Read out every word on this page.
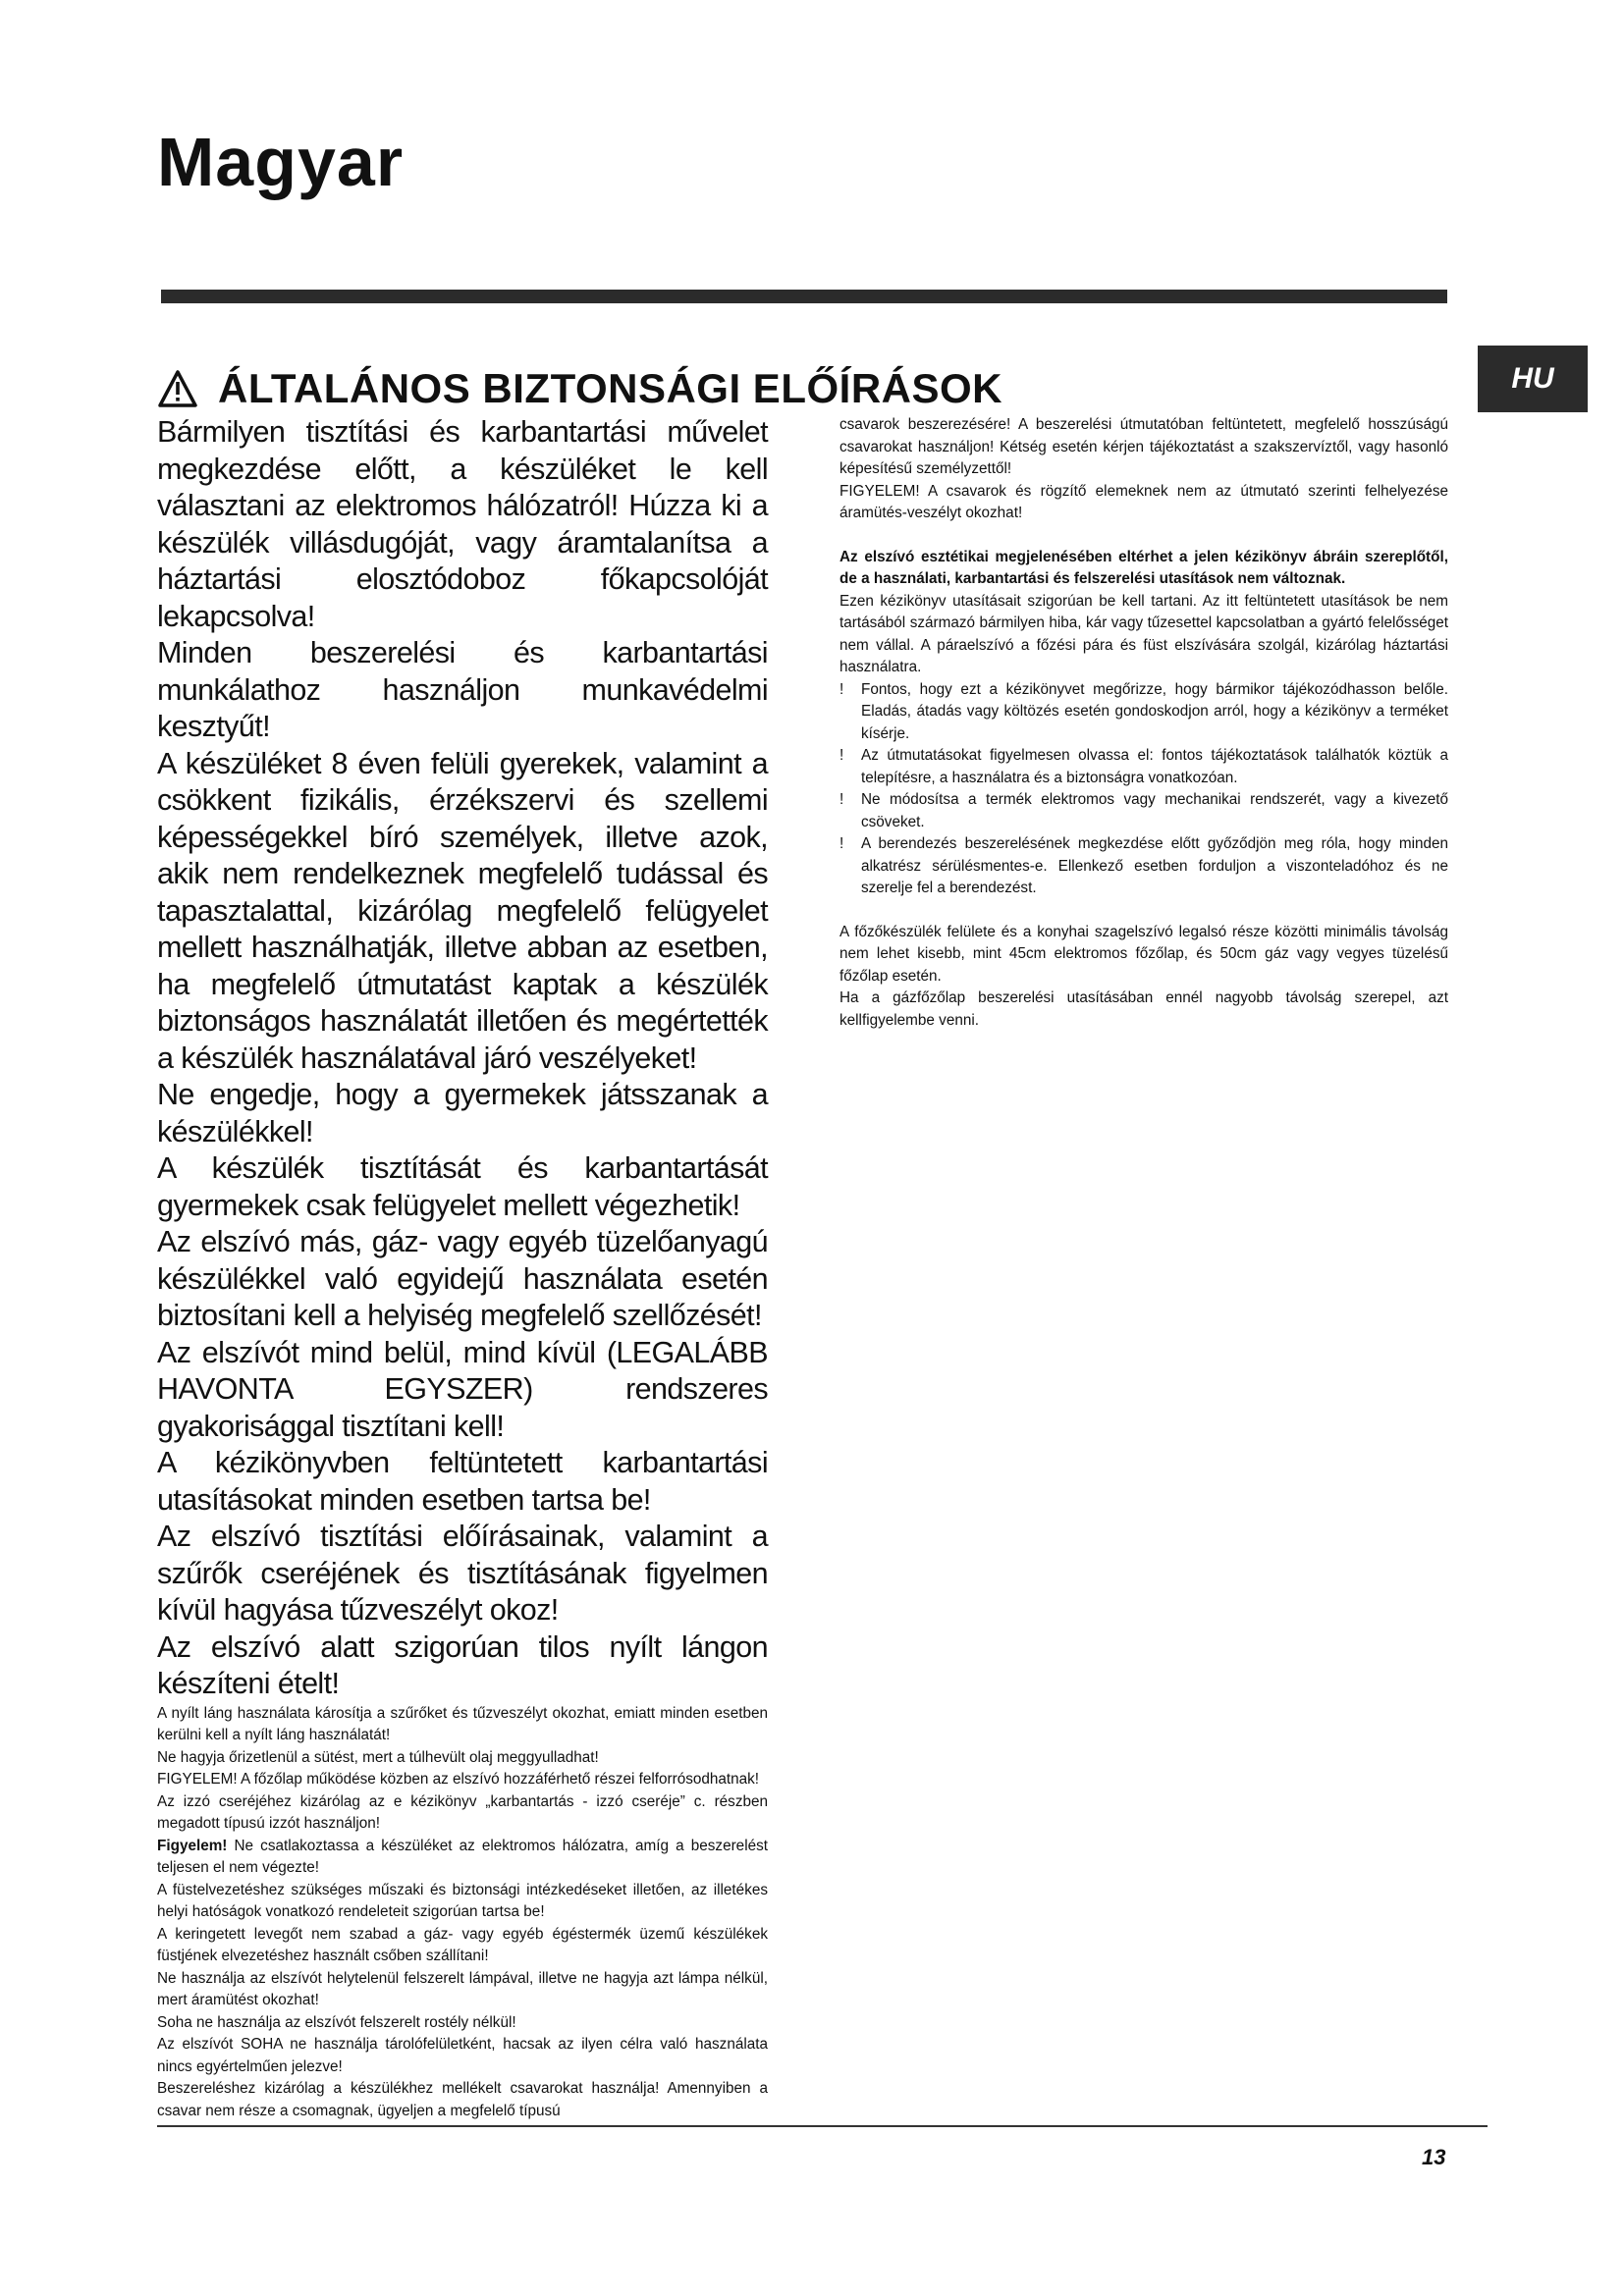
Magyar
HU
ÁLTALÁNOS BIZTONSÁGI ELŐÍRÁSOK

Bármilyen tisztítási és karbantartási művelet megkezdése előtt, a készüléket le kell választani az elektromos hálózatról! Húzza ki a készülék villásdugóját, vagy áramtalanítsa a háztartási elosztódoboz főkapcsolóját lekapcsolva!

Minden beszerelési és karbantartási munkálathoz használjon munkavédelmi kesztyűt!

A készüléket 8 éven felüli gyerekek, valamint a csökkent fizikális, érzékszervi és szellemi képességekkel bíró személyek, illetve azok, akik nem rendelkeznek megfelelő tudással és tapasztalattal, kizárólag megfelelő felügyelet mellett használhatják, illetve abban az esetben, ha megfelelő útmutatást kaptak a készülék biztonságos használatát illetően és megértették a készülék használatával járó veszélyeket!

Ne engedje, hogy a gyermekek játsszanak a készülékkel!

A készülék tisztítását és karbantartását gyermekek csak felügyelet mellett végezhetik!

Az elszívó más, gáz- vagy egyéb tüzelőanyagú készülékkel való egyidejű használata esetén biztosítani kell a helyiség megfelelő szellőzését!

Az elszívót mind belül, mind kívül (LEGALÁBB HAVONTA EGYSZER) rendszeres gyakorisággal tisztítani kell!

A kézikönyvben feltüntetett karbantartási utasításokat minden esetben tartsa be!

Az elszívó tisztítási előírásainak, valamint a szűrők cseréjének és tisztításának figyelmen kívül hagyása tűzveszélyt okoz!

Az elszívó alatt szigorúan tilos nyílt lángon készíteni ételt!

A nyílt láng használata károsítja a szűrőket és tűzveszélyt okozhat, emiatt minden esetben kerülni kell a nyílt láng használatát!

Ne hagyja őrizetlenül a sütést, mert a túlhevült olaj meggyulladhat!

FIGYELEM! A főzőlap működése közben az elszívó hozzáférhető részei felforrósodhatnak!

Az izzó cseréjéhez kizárólag az e kézikönyv „karbantartás - izzó cseréje” c. részben megadott típusú izzót használjon!

Figyelem! Ne csatlakoztassa a készüléket az elektromos hálózatra, amíg a beszerelést teljesen el nem végezte!

A füstelvezetéshez szükséges műszaki és biztonsági intézkedéseket illetően, az illetékes helyi hatóságok vonatkozó rendeleteit szigorúan tartsa be!

A keringetett levegőt nem szabad a gáz- vagy egyéb égéstermék üzemű készülékek füstjének elvezetéshez használt csőben szállítani!

Ne használja az elszívót helytelenül felszerelt lámpával, illetve ne hagyja azt lámpa nélkül, mert áramütést okozhat!

Soha ne használja az elszívót felszerelt rostély nélkül!

Az elszívót SOHA ne használja tárolófelületként, hacsak az ilyen célra való használata nincs egyértelműen jelezve!

Beszereléshez kizárólag a készülékhez mellékelt csavarokat használja! Amennyiben a csavar nem része a csomagnak, ügyeljen a megfelelő típusú

csavarok beszerezésére! A beszerelési útmutatóban feltüntetett, megfelelő hosszúságú csavarokat használjon! Kétség esetén kérjen tájékoztatást a szakszervíztől, vagy hasonló képesítésű személyzettől!

FIGYELEM! A csavarok és rögzítő elemeknek nem az útmutató szerinti felhelyezése áramütés-veszélyt okozhat!

Az elszívó esztétikai megjelenésében eltérhet a jelen kézikönyv ábráin szereplőtől, de a használati, karbantartási és felszerelési utasítások nem változnak.

Ezen kézikönyv utasításait szigorúan be kell tartani. Az itt feltüntetett utasítások be nem tartásából származó bármilyen hiba, kár vagy tűzesettel kapcsolatban a gyártó felelősséget nem vállal. A páraelszívó a főzési pára és füst elszívására szolgál, kizárólag háztartási használatra.

!	Fontos, hogy ezt a kézikönyvet megőrizze, hogy bármikor tájékozódhasson belőle. Eladás, átadás vagy költözés esetén gondoskodjon arról, hogy a kézikönyv a terméket kísérje.
!	Az útmutatásokat figyelmesen olvassa el: fontos tájékoztatások találhatók köztük a telepítésre, a használatra és a biztonságra vonatkozóan.
!	Ne módosítsa a termék elektromos vagy mechanikai rendszerét, vagy a kivezető csöveket.
!	A berendezés beszerelésének megkezdése előtt győződjön meg róla, hogy minden alkatrész sérülésmentes-e. Ellenkező esetben forduljon a viszonteladóhoz és ne szerelje fel a berendezést.

A főzőkészülék felülete és a konyhai szagelszívó legalsó része közötti minimális távolság nem lehet kisebb, mint 45cm elektromos főzőlap, és 50cm gáz vagy vegyes tüzelésű főzőlap esetén.

Ha a gázfőzőlap beszerelési utasításában ennél nagyobb távolság szerepel, azt kellfigyelembe venni.

13
